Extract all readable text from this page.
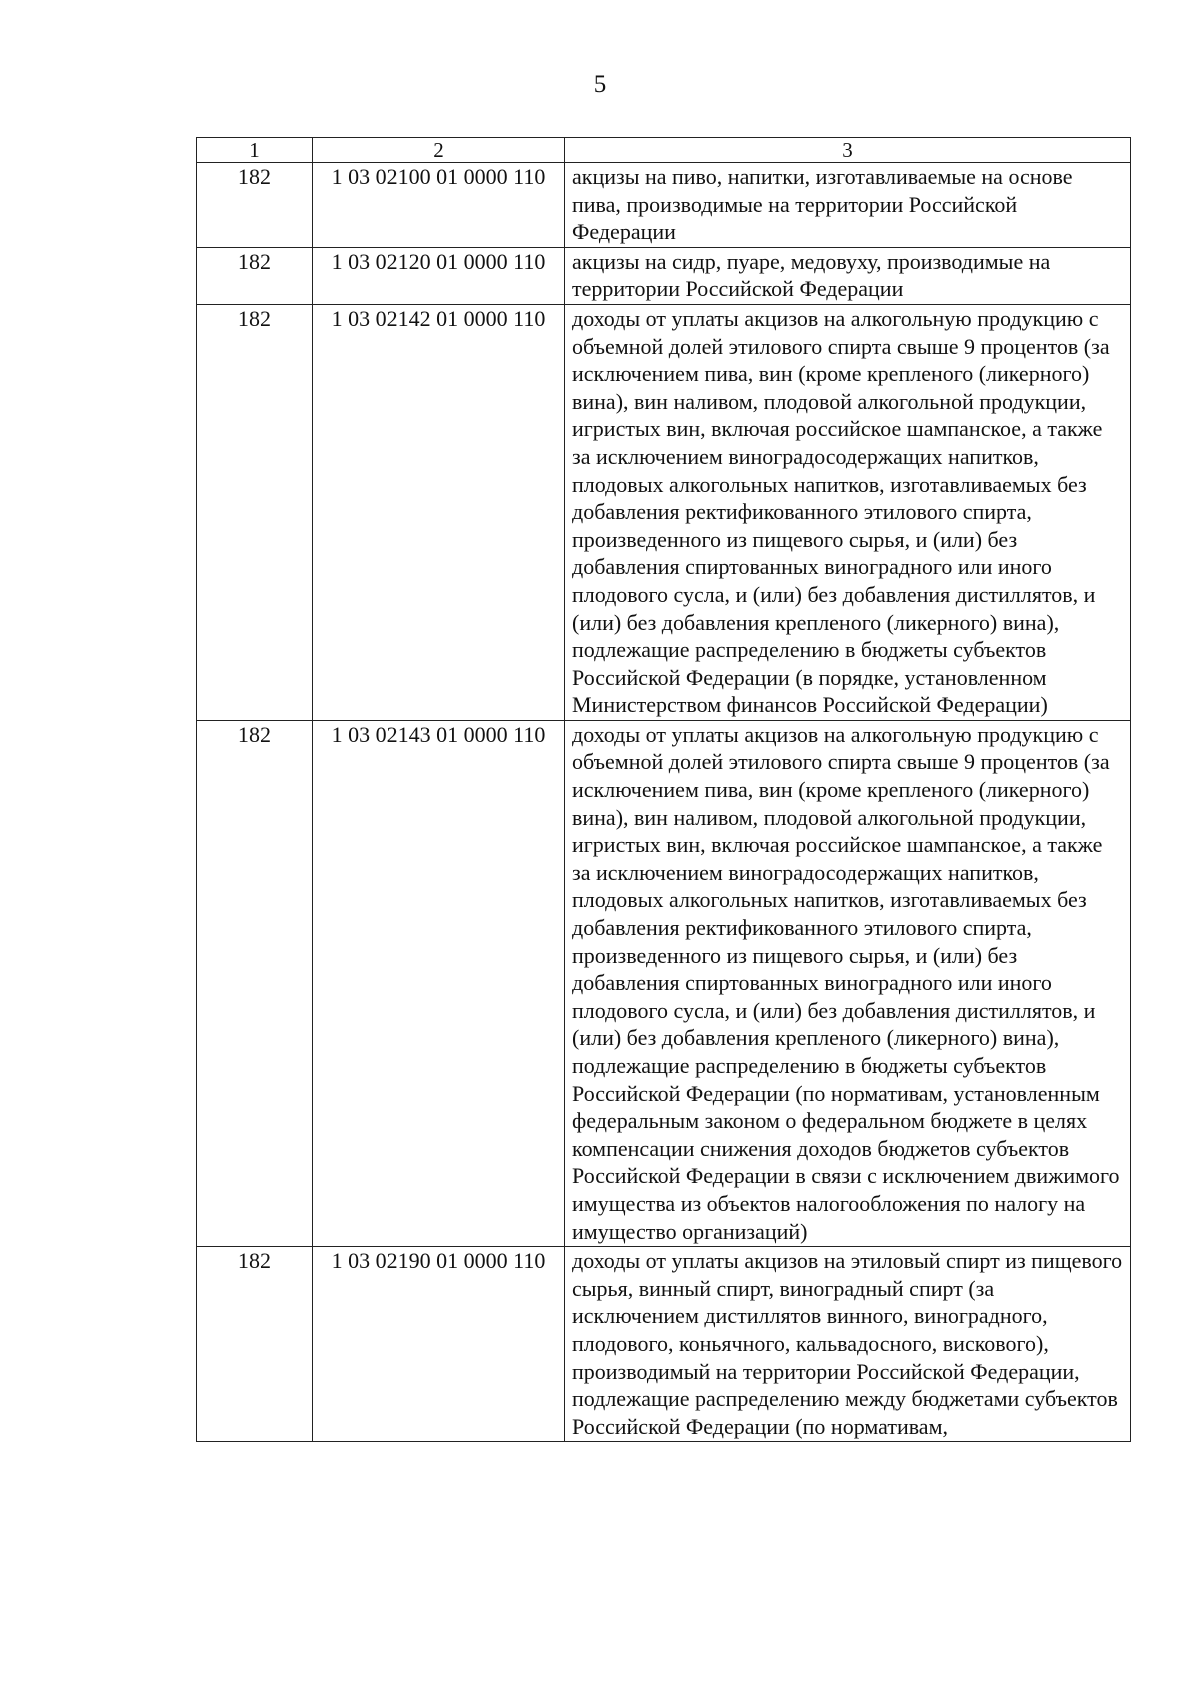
5
1	2	3
182	1 03 02100 01 0000 110	акцизы на пиво, напитки, изготавливаемые на основе пива, производимые на территории Российской Федерации
182	1 03 02120 01 0000 110	акцизы на сидр, пуаре, медовуху, производимые на территории Российской Федерации
182	1 03 02142 01 0000 110	доходы от уплаты акцизов на алкогольную продукцию с объемной долей этилового спирта свыше 9 процентов (за исключением пива, вин (кроме крепленого (ликерного) вина), вин наливом, плодовой алкогольной продукции, игристых вин, включая российское шампанское, а также за исключением виноградосодержащих напитков, плодовых алкогольных напитков, изготавливаемых без добавления ректификованного этилового спирта, произведенного из пищевого сырья, и (или) без добавления спиртованных виноградного или иного плодового сусла, и (или) без добавления дистиллятов, и (или) без добавления крепленого (ликерного) вина), подлежащие распределению в бюджеты субъектов Российской Федерации (в порядке, установленном Министерством финансов Российской Федерации)
182	1 03 02143 01 0000 110	доходы от уплаты акцизов на алкогольную продукцию с объемной долей этилового спирта свыше 9 процентов (за исключением пива, вин (кроме крепленого (ликерного) вина), вин наливом, плодовой алкогольной продукции, игристых вин, включая российское шампанское, а также за исключением виноградосодержащих напитков, плодовых алкогольных напитков, изготавливаемых без добавления ректификованного этилового спирта, произведенного из пищевого сырья, и (или) без добавления спиртованных виноградного или иного плодового сусла, и (или) без добавления дистиллятов, и (или) без добавления крепленого (ликерного) вина), подлежащие распределению в бюджеты субъектов Российской Федерации (по нормативам, установленным федеральным законом о федеральном бюджете в целях компенсации снижения доходов бюджетов субъектов Российской Федерации в связи с исключением движимого имущества из объектов налогообложения по налогу на имущество организаций)
182	1 03 02190 01 0000 110	доходы от уплаты акцизов на этиловый спирт из пищевого сырья, винный спирт, виноградный спирт (за исключением дистиллятов винного, виноградного, плодового, коньячного, кальвадосного, вискового), производимый на территории Российской Федерации, подлежащие распределению между бюджетами субъектов Российской Федерации (по нормативам,
